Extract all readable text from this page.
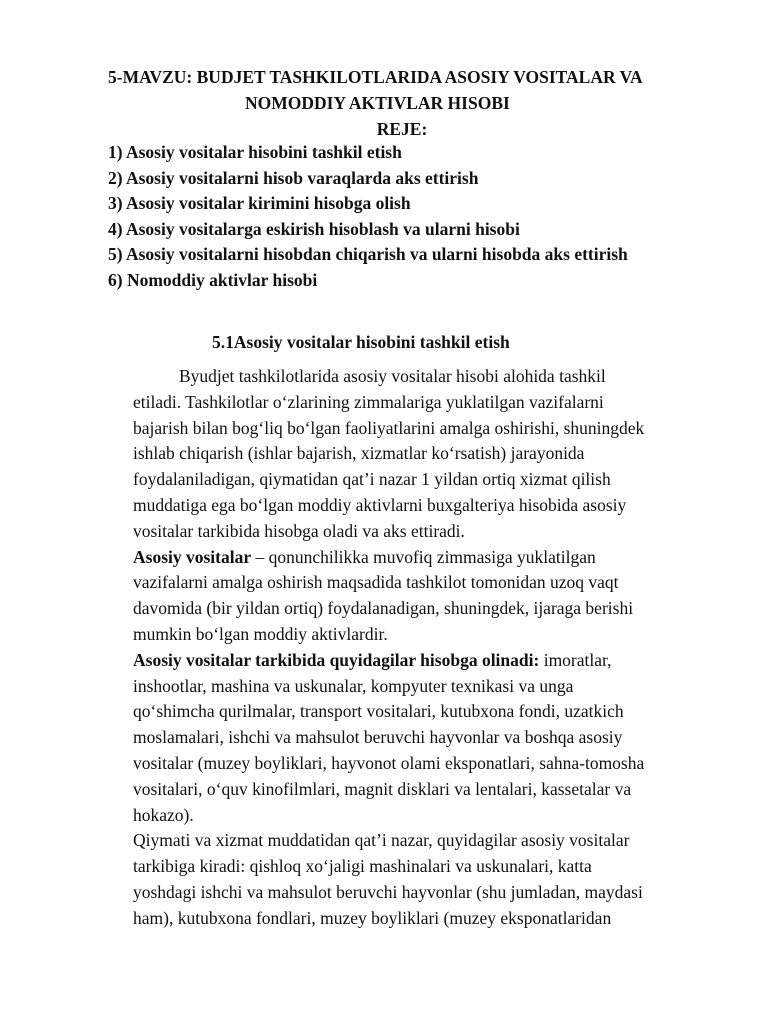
5-MAVZU: BUDJET TASHKILOTLARIDA ASOSIY VOSITALAR VA
NOMODDIY AKTIVLAR HISOBI
REJE:
1) Asosiy vositalar hisobini tashkil etish
2) Asosiy vositalarni hisob varaqlarda aks ettirish
3) Asosiy vositalar kirimini hisobga olish
4) Asosiy vositalarga eskirish hisoblash va ularni hisobi
5) Asosiy vositalarni hisobdan chiqarish va ularni hisobda aks ettirish
6) Nomoddiy aktivlar hisobi
5.1Asosiy vositalar hisobini tashkil etish
Byudjet tashkilotlarida asosiy vositalar hisobi alohida tashkil
etiladi. Tashkilotlar o‘zlarining zimmalariga yuklatilgan vazifalarni
bajarish bilan bog‘liq bo‘lgan faoliyatlarini amalga oshirishi, shuningdek
ishlab chiqarish (ishlar bajarish, xizmatlar ko‘rsatish) jarayonida
foydalaniladigan, qiymatidan qat’i nazar 1 yildan ortiq xizmat qilish
muddatiga ega bo‘lgan moddiy aktivlarni buxgalteriya hisobida asosiy
vositalar tarkibida hisobga oladi va aks ettiradi.
Asosiy vositalar – qonunchilikka muvofiq zimmasiga yuklatilgan
vazifalarni amalga oshirish maqsadida tashkilot tomonidan uzoq vaqt
davomida (bir yildan ortiq) foydalanadigan, shuningdek, ijaraga berishi
mumkin bo‘lgan moddiy aktivlardir.
Asosiy vositalar tarkibida quyidagilar hisobga olinadi: imoratlar,
inshootlar, mashina va uskunalar, kompyuter texnikasi va unga
qo‘shimcha qurilmalar, transport vositalari, kutubxona fondi, uzatkich
moslamalari, ishchi va mahsulot beruvchi hayvonlar va boshqa asosiy
vositalar (muzey boyliklari, hayvonot olami eksponatlari, sahna-tomosha
vositalari, o‘quv kinofilmlari, magnit disklari va lentalari, kassetalar va
hokazo).
Qiymati va xizmat muddatidan qat’i nazar, quyidagilar asosiy vositalar
tarkibiga kiradi: qishloq xo‘jaligi mashinalari va uskunalari, katta
yoshdagi ishchi va mahsulot beruvchi hayvonlar (shu jumladan, maydasi
ham), kutubxona fondlari, muzey boyliklari (muzey eksponatlaridan
